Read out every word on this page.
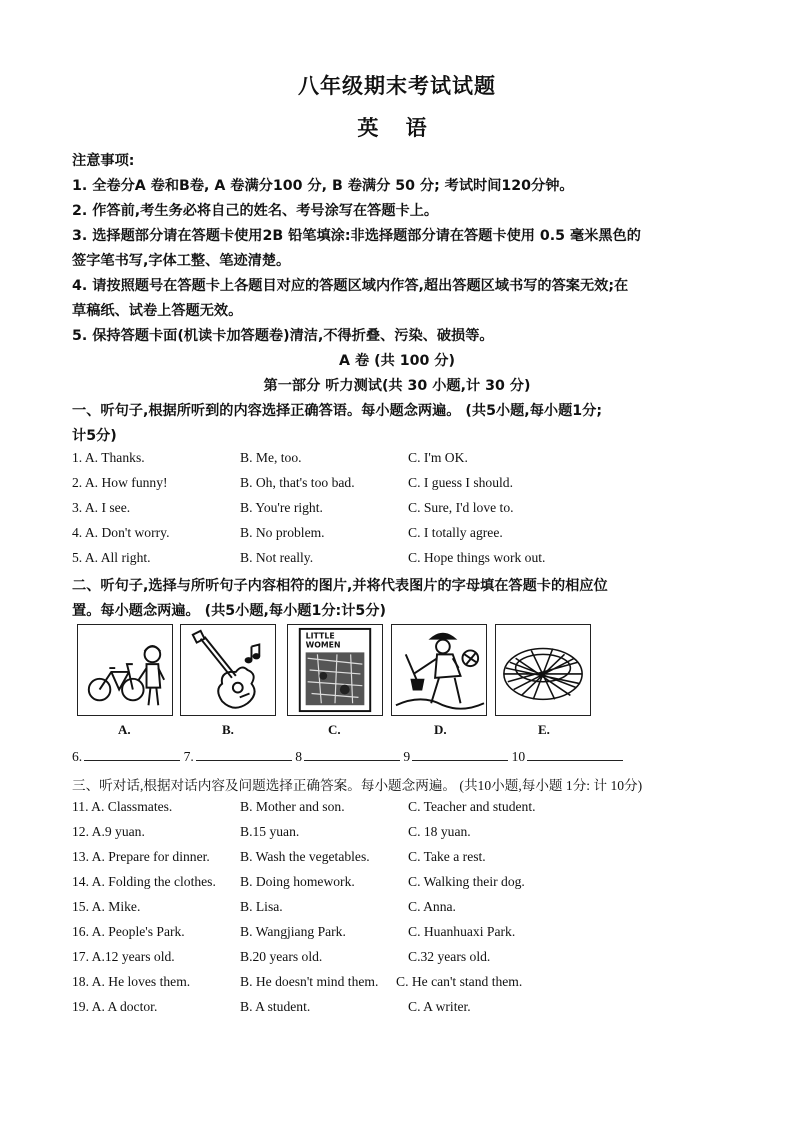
八年级期末考试试题
英 语
注意事项:
1. 全卷分A 卷和B卷, A 卷满分100 分, B 卷满分 50 分; 考试时间120分钟。
2. 作答前,考生务必将自己的姓名、考号涂写在答题卡上。
3. 选择题部分请在答题卡使用2B 铅笔填涂:非选择题部分请在答题卡使用 0.5 毫米黑色的
签字笔书写,字体工整、笔迹清楚。
4. 请按照题号在答题卡上各题目对应的答题区域内作答,超出答题区域书写的答案无效;在
草稿纸、试卷上答题无效。
5. 保持答题卡面(机读卡加答题卷)清洁,不得折叠、污染、破损等。
A 卷 (共 100 分)
第一部分 听力测试(共 30 小题,计 30 分)
一、听句子,根据所听到的内容选择正确答语。每小题念两遍。 (共5小题,每小题1分;
计5分)
1. A. Thanks.	B. Me, too.	C. I'm OK.
2. A. How funny!	B. Oh, that's too bad.	C. I guess I should.
3. A. I see.	B. You're right.	C. Sure, I'd love to.
4. A. Don't worry.	B. No problem.	C. I totally agree.
5. A. All right.	B. Not really.	C. Hope things work out.
二、听句子,选择与所听句子内容相符的图片,并将代表图片的字母填在答题卡的相应位
置。每小题念两遍。 (共5小题,每小题1分:计5分)
LITTLE
WOMEN
A.	B.	C.	D.	E.
6.	7.	8	9	10
三、听对话,根据对话内容及问题选择正确答案。每小题念两遍。 (共10小题,每小题 1分: 计 10分)
11. A. Classmates.	B. Mother and son.	C. Teacher and student.
12. A.9 yuan.	B.15 yuan.	C. 18 yuan.
13. A. Prepare for dinner. B. Wash the vegetables.	C. Take a rest.
14. A. Folding the clothes. B. Doing homework.	C. Walking their dog.
15. A. Mike.	B. Lisa.	C. Anna.
16. A. People's Park.	B. Wangjiang Park.	C. Huanhuaxi Park.
17. A.12 years old.	B.20 years old.	C.32 years old.
18. A. He loves them.	B. He doesn't mind them. C. He can't stand them.
19. A. A doctor.	B. A student.	C. A writer.
